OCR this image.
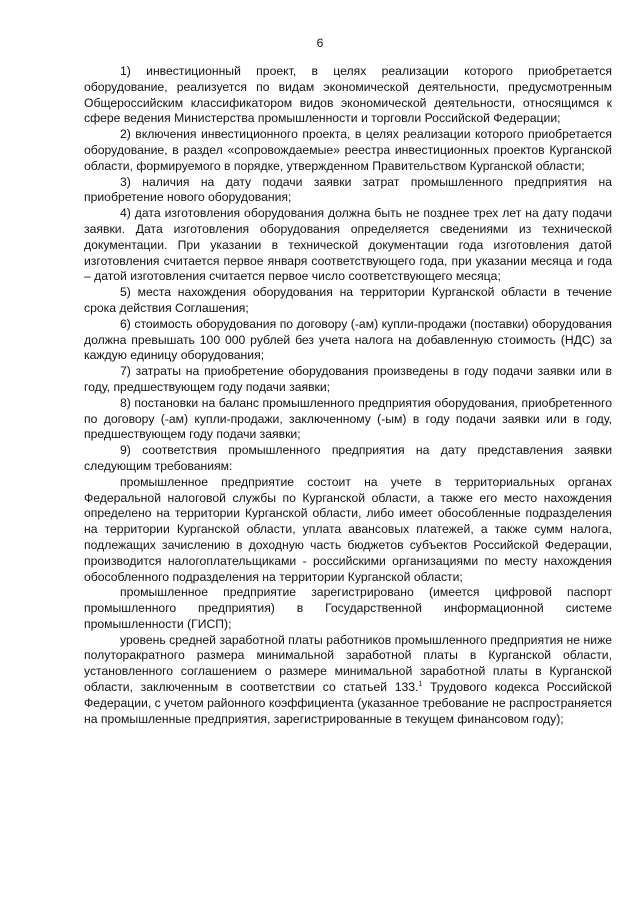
6

1) инвестиционный проект, в целях реализации которого приобретается оборудование, реализуется по видам экономической деятельности, предусмотренным Общероссийским классификатором видов экономической деятельности, относящимся к сфере ведения Министерства промышленности и торговли Российской Федерации;

2) включения инвестиционного проекта, в целях реализации которого приобретается оборудование, в раздел «сопровождаемые» реестра инвестиционных проектов Курганской области, формируемого в порядке, утвержденном Правительством Курганской области;

3) наличия на дату подачи заявки затрат промышленного предприятия на приобретение нового оборудования;

4) дата изготовления оборудования должна быть не позднее трех лет на дату подачи заявки. Дата изготовления оборудования определяется сведениями из технической документации. При указании в технической документации года изготовления датой изготовления считается первое января соответствующего года, при указании месяца и года – датой изготовления считается первое число соответствующего месяца;

5) места нахождения оборудования на территории Курганской области в течение срока действия Соглашения;

6) стоимость оборудования по договору (-ам) купли-продажи (поставки) оборудования должна превышать 100 000 рублей без учета налога на добавленную стоимость (НДС) за каждую единицу оборудования;

7) затраты на приобретение оборудования произведены в году подачи заявки или в году, предшествующем году подачи заявки;

8) постановки на баланс промышленного предприятия оборудования, приобретенного по договору (-ам) купли-продажи, заключенному (-ым) в году подачи заявки или в году, предшествующем году подачи заявки;

9) соответствия промышленного предприятия на дату представления заявки следующим требованиям:

промышленное предприятие состоит на учете в территориальных органах Федеральной налоговой службы по Курганской области, а также его место нахождения определено на территории Курганской области, либо имеет обособленные подразделения на территории Курганской области, уплата авансовых платежей, а также сумм налога, подлежащих зачислению в доходную часть бюджетов субъектов Российской Федерации, производится налогоплательщиками - российскими организациями по месту нахождения обособленного подразделения на территории Курганской области;

промышленное предприятие зарегистрировано (имеется цифровой паспорт промышленного предприятия) в Государственной информационной системе промышленности (ГИСП);

уровень средней заработной платы работников промышленного предприятия не ниже полуторакратного размера минимальной заработной платы в Курганской области, установленного соглашением о размере минимальной заработной платы в Курганской области, заключенным в соответствии со статьей 133.$^1$ Трудового кодекса Российской Федерации, с учетом районного коэффициента (указанное требование не распространяется на промышленные предприятия, зарегистрированные в текущем финансовом году);
